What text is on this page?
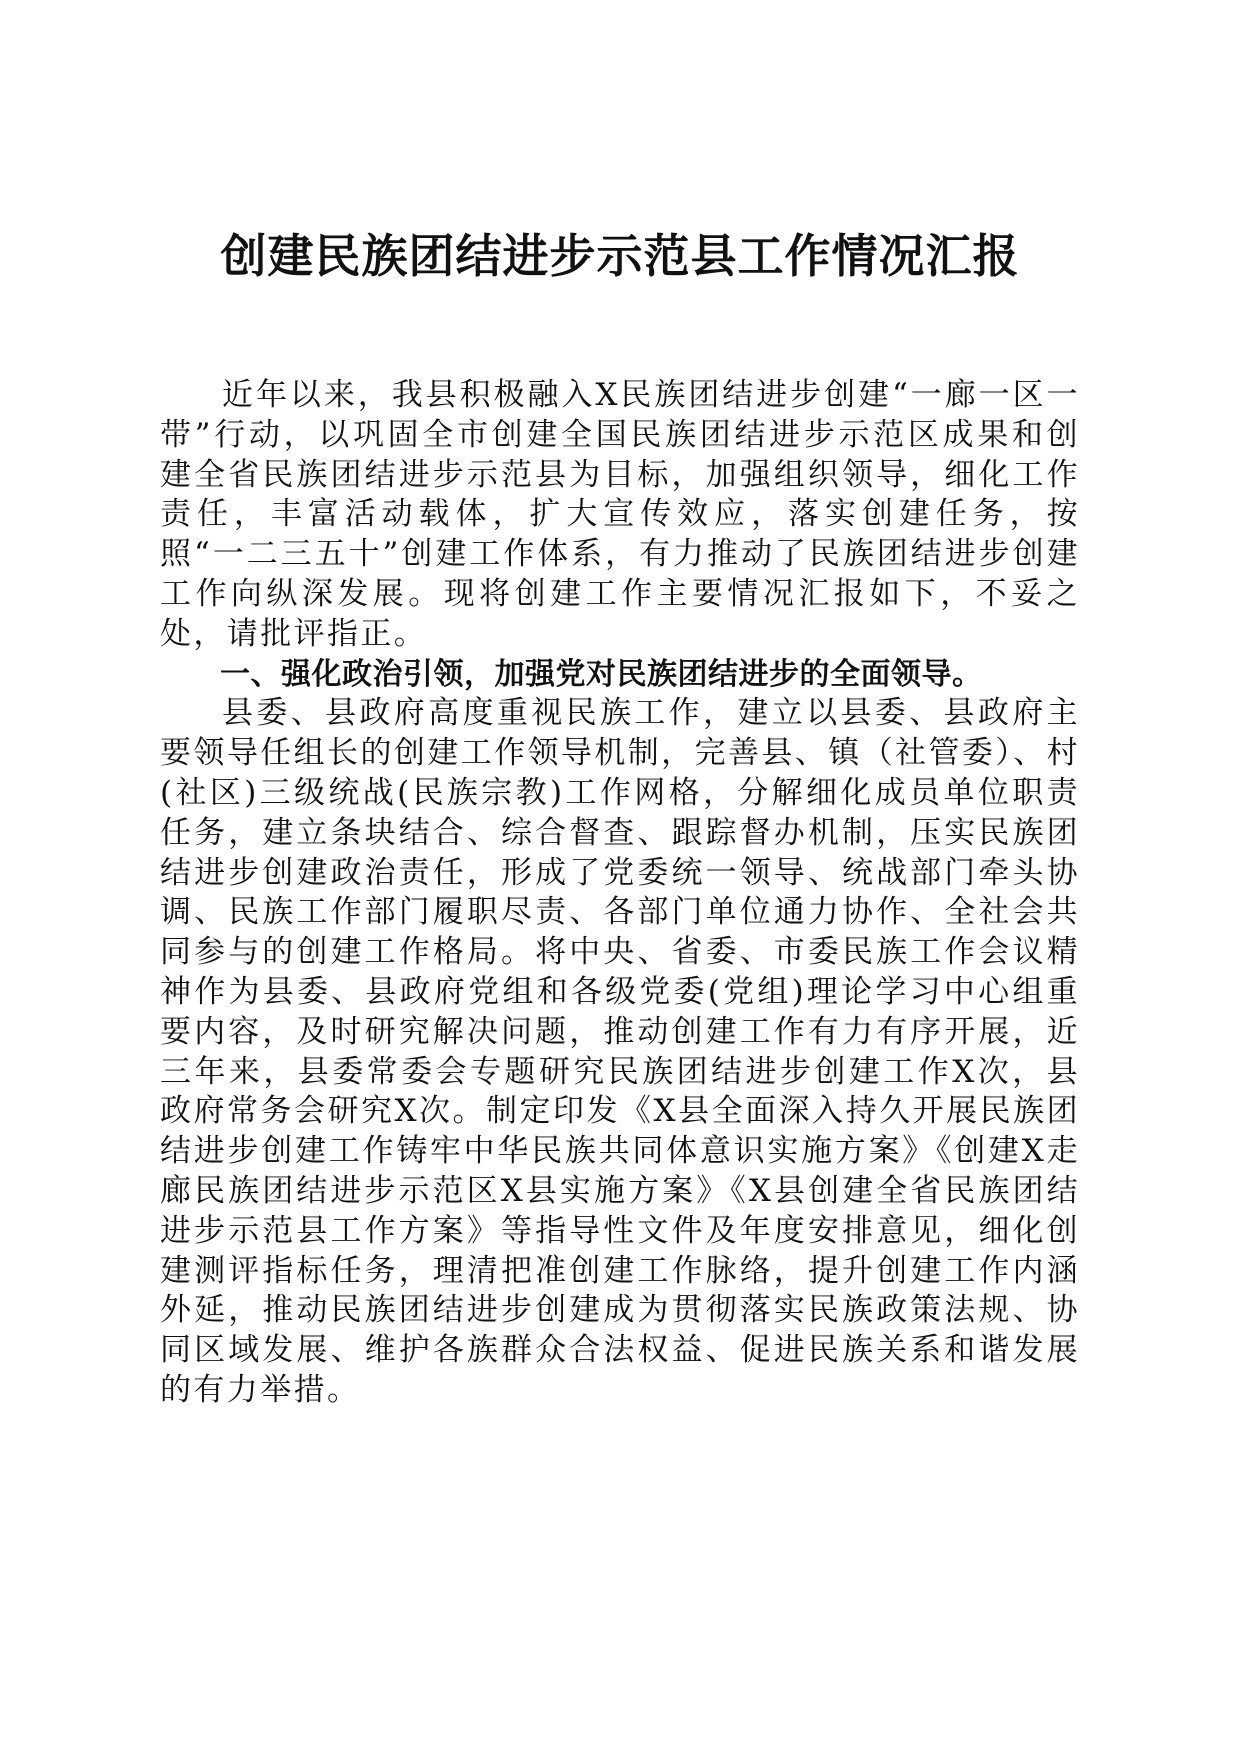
创建民族团结进步示范县工作情况汇报

近年以来，我县积极融入X民族团结进步创建“一廊一区一带”行动，以巩固全市创建全国民族团结进步示范区成果和创建全省民族团结进步示范县为目标，加强组织领导，细化工作责任，丰富活动载体，扩大宣传效应，落实创建任务，按照“一二三五十”创建工作体系，有力推动了民族团结进步创建工作向纵深发展。现将创建工作主要情况汇报如下，不妥之处，请批评指正。

一、强化政治引领，加强党对民族团结进步的全面领导。

县委、县政府高度重视民族工作，建立以县委、县政府主要领导任组长的创建工作领导机制，完善县、镇（社管委）、村(社区)三级统战(民族宗教)工作网格，分解细化成员单位职责任务，建立条块结合、综合督查、跟踪督办机制，压实民族团结进步创建政治责任，形成了党委统一领导、统战部门牵头协调、民族工作部门履职尽责、各部门单位通力协作、全社会共同参与的创建工作格局。将中央、省委、市委民族工作会议精神作为县委、县政府党组和各级党委(党组)理论学习中心组重要内容，及时研究解决问题，推动创建工作有力有序开展，近三年来，县委常委会专题研究民族团结进步创建工作X次，县政府常务会研究X次。制定印发《X县全面深入持久开展民族团结进步创建工作铸牢中华民族共同体意识实施方案》《创建X走廊民族团结进步示范区X县实施方案》《X县创建全省民族团结进步示范县工作方案》等指导性文件及年度安排意见，细化创建测评指标任务，理清把准创建工作脉络，提升创建工作内涵外延，推动民族团结进步创建成为贯彻落实民族政策法规、协同区域发展、维护各族群众合法权益、促进民族关系和谐发展的有力举措。
